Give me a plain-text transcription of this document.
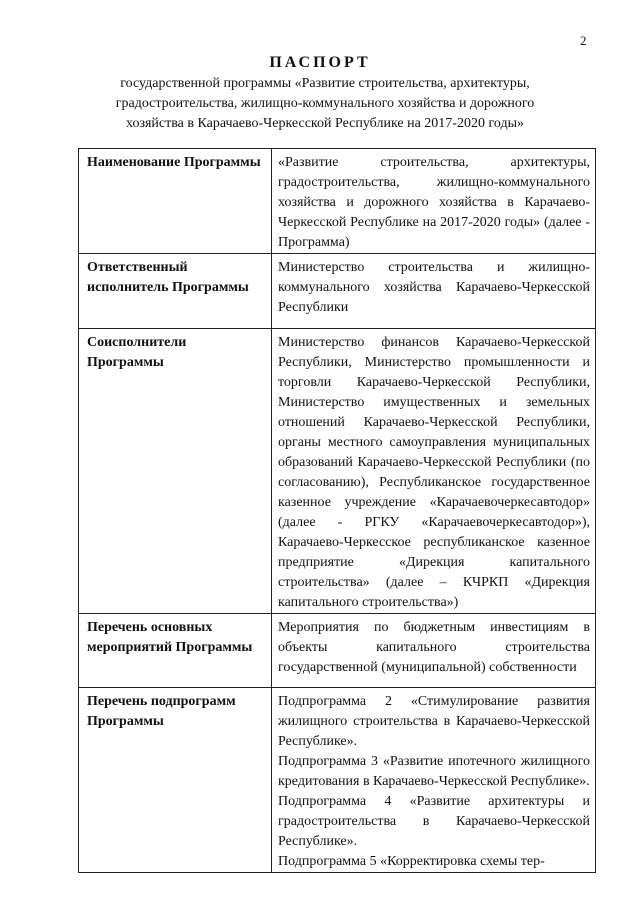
2
ПАСПОРТ
государственной программы «Развитие строительства, архитектуры, градостроительства, жилищно-коммунального хозяйства и дорожного хозяйства в Карачаево-Черкесской Республике на 2017-2020 годы»
Наименование Программы	«Развитие строительства, архитектуры, градостроительства, жилищно-коммунального хозяйства и дорожного хозяйства в Карачаево-Черкесской Республике на 2017-2020 годы» (далее - Программа)
Ответственный исполнитель Программы	Министерство строительства и жилищно-коммунального хозяйства Карачаево-Черкесской Республики
Соисполнители Программы	Министерство финансов Карачаево-Черкесской Республики, Министерство промышленности и торговли Карачаево-Черкесской Республики, Министерство имущественных и земельных отношений Карачаево-Черкесской Республики, органы местного самоуправления муниципальных образований Карачаево-Черкесской Республики (по согласованию), Республиканское государственное казенное учреждение «Карачаевочеркесавтодор» (далее - РГКУ «Карачаевочеркесавтодор»), Карачаево-Черкесское республиканское казенное предприятие «Дирекция капитального строительства» (далее – КЧРКП «Дирекция капитального строительства»)
Перечень основных мероприятий Программы	Мероприятия по бюджетным инвестициям в объекты капитального строительства государственной (муниципальной) собственности
Перечень подпрограмм Программы	Подпрограмма 2 «Стимулирование развития жилищного строительства в Карачаево-Черкесской Республике».
Подпрограмма 3 «Развитие ипотечного жилищного кредитования в Карачаево-Черкесской Республике».
Подпрограмма 4 «Развитие архитектуры и градостроительства в Карачаево-Черкесской Республике».
Подпрограмма 5 «Корректировка схемы тер-
